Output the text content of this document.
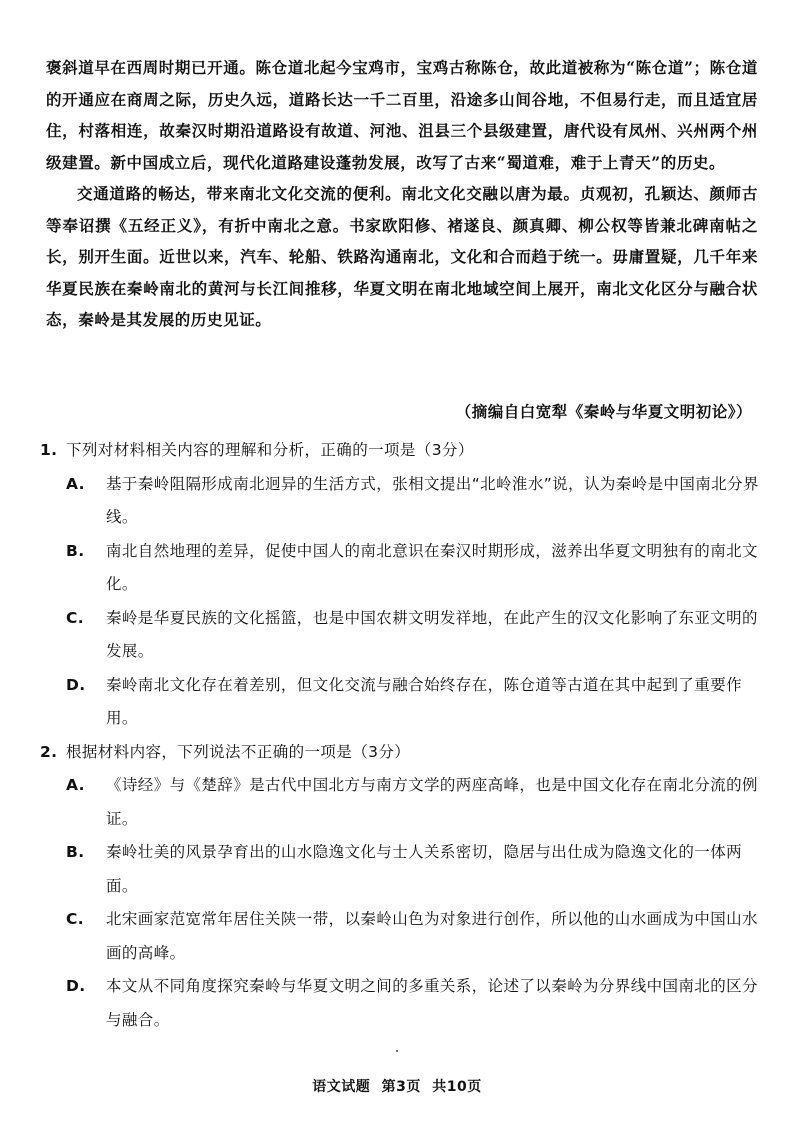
褒斜道早在西周时期已开通。陈仓道北起今宝鸡市，宝鸡古称陈仓，故此道被称为“陈仓道”；陈仓道的开通应在商周之际，历史久远，道路长达一千二百里，沿途多山间谷地，不但易行走，而且适宜居住，村落相连，故秦汉时期沿道路设有故道、河池、沮县三个县级建置，唐代设有凤州、兴州两个州级建置。新中国成立后，现代化道路建设蓬勃发展，改写了古来“蜀道难，难于上青天”的历史。

交通道路的畅达，带来南北文化交流的便利。南北文化交融以唐为最。贞观初，孔颖达、颜师古等奉诏撰《五经正义》，有折中南北之意。书家欧阳修、褚遂良、颜真卿、柳公权等皆兼北碑南帖之长，别开生面。近世以来，汽车、轮船、铁路沟通南北，文化和合而趋于统一。毋庸置疑，几千年来华夏民族在秦岭南北的黄河与长江间推移，华夏文明在南北地域空间上展开，南北文化区分与融合状态，秦岭是其发展的历史见证。

（摘编自白宽犁《秦岭与华夏文明初论》）

1. 下列对材料相关内容的理解和分析，正确的一项是（3分）

A. 基于秦岭阻隔形成南北迥异的生活方式，张相文提出“北岭淮水”说，认为秦岭是中国南北分界线。

B. 南北自然地理的差异，促使中国人的南北意识在秦汉时期形成，滋养出华夏文明独有的南北文化。

C. 秦岭是华夏民族的文化摇篮，也是中国农耕文明发祥地，在此产生的汉文化影响了东亚文明的发展。

D. 秦岭南北文化存在着差别，但文化交流与融合始终存在，陈仓道等古道在其中起到了重要作用。

2. 根据材料内容，下列说法不正确的一项是（3分）

A. 《诗经》与《楚辞》是古代中国北方与南方文学的两座高峰，也是中国文化存在南北分流的例证。

B. 秦岭壮美的风景孕育出的山水隐逸文化与士人关系密切，隐居与出仕成为隐逸文化的一体两面。

C. 北宋画家范宽常年居住关陕一带，以秦岭山色为对象进行创作，所以他的山水画成为中国山水画的高峰。

D. 本文从不同角度探究秦岭与华夏文明之间的多重关系，论述了以秦岭为分界线中国南北的区分与融合。

语文试题 第3页 共10页
